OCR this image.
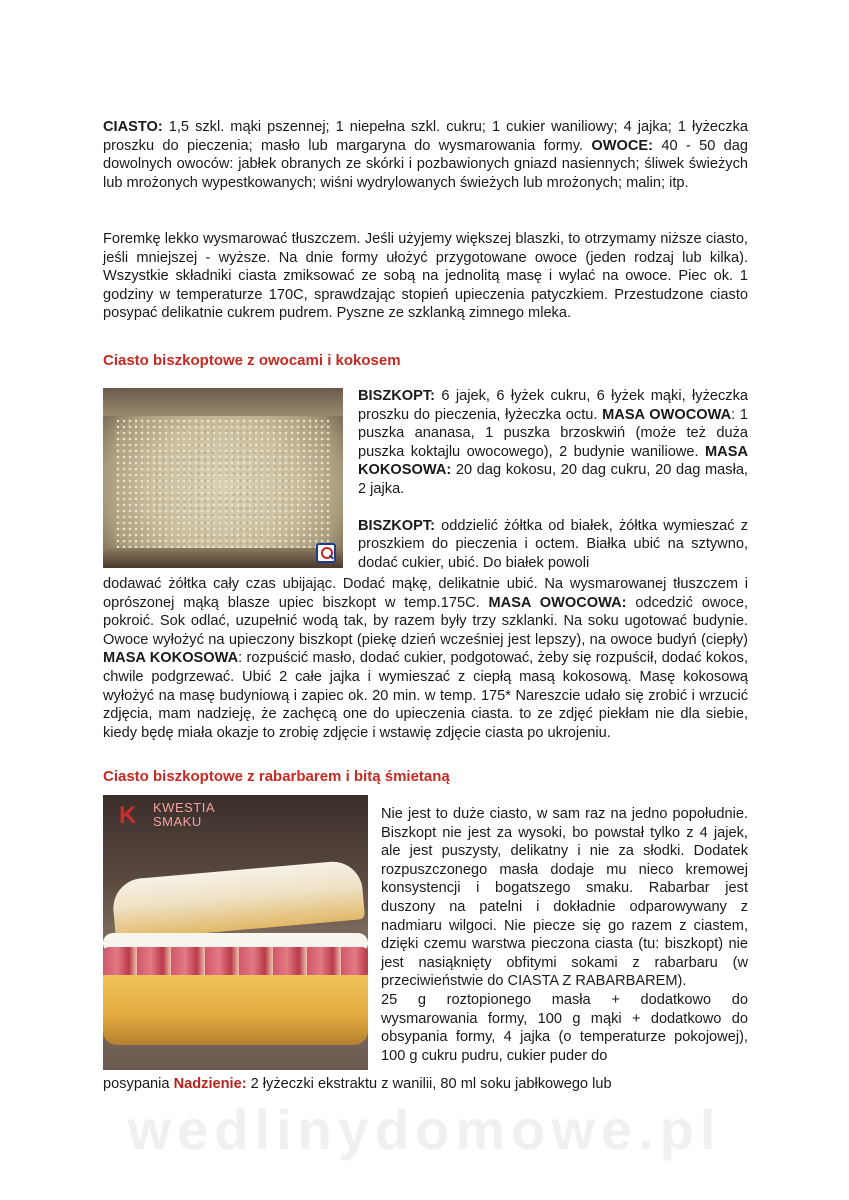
CIASTO: 1,5 szkl. mąki pszennej; 1 niepełna szkl. cukru; 1 cukier waniliowy; 4 jajka; 1 łyżeczka proszku do pieczenia; masło lub margaryna do wysmarowania formy. OWOCE: 40 - 50 dag dowolnych owoców: jabłek obranych ze skórki i pozbawionych gniazd nasiennych; śliwek świeżych lub mrożonych wypestkowanych; wiśni wydrylowanych świeżych lub mrożonych; malin; itp.

Foremkę lekko wysmarować tłuszczem. Jeśli użyjemy większej blaszki, to otrzymamy niższe ciasto, jeśli mniejszej - wyższe. Na dnie formy ułożyć przygotowane owoce (jeden rodzaj lub kilka). Wszystkie składniki ciasta zmiksować ze sobą na jednolitą masę i wylać na owoce. Piec ok. 1 godziny w temperaturze 170C, sprawdzając stopień upieczenia patyczkiem. Przestudzone ciasto posypać delikatnie cukrem pudrem. Pyszne ze szklanką zimnego mleka.

Ciasto biszkoptowe z owocami i kokosem

BISZKOPT: 6 jajek, 6 łyżek cukru, 6 łyżek mąki, łyżeczka proszku do pieczenia, łyżeczka octu. MASA OWOCOWA: 1 puszka ananasa, 1 puszka brzoskwiń (może też duża puszka koktajlu owocowego), 2 budynie waniliowe. MASA KOKOSOWA: 20 dag kokosu, 20 dag cukru, 20 dag masła, 2 jajka.

BISZKOPT: oddzielić żółtka od białek, żółtka wymieszać z proszkiem do pieczenia i octem. Białka ubić na sztywno, dodać cukier, ubić. Do białek powoli

dodawać żółtka cały czas ubijając. Dodać mąkę, delikatnie ubić. Na wysmarowanej tłuszczem i oprószonej mąką blasze upiec biszkopt w temp.175C. MASA OWOCOWA: odcedzić owoce, pokroić. Sok odlać, uzupełnić wodą tak, by razem były trzy szklanki. Na soku ugotować budynie. Owoce wyłożyć na upieczony biszkopt (piekę dzień wcześniej jest lepszy), na owoce budyń (ciepły) MASA KOKOSOWA: rozpuścić masło, dodać cukier, podgotować, żeby się rozpuścił, dodać kokos, chwile podgrzewać. Ubić 2 całe jajka i wymieszać z ciepłą masą kokosową. Masę kokosową wyłożyć na masę budyniową i zapiec ok. 20 min. w temp. 175* Nareszcie udało się zrobić i wrzucić zdjęcia, mam nadzieję, że zachęcą one do upieczenia ciasta. to ze zdjęć piekłam nie dla siebie, kiedy będę miała okazje to zrobię zdjęcie i wstawię zdjęcie ciasta po ukrojeniu.

Ciasto biszkoptowe z rabarbarem i bitą śmietaną
K	KWESTIA
SMAKU	Nie jest to duże ciasto, w sam raz na jedno popołudnie. Biszkopt nie jest za wysoki, bo powstał tylko z 4 jajek, ale jest puszysty, delikatny i nie za słodki. Dodatek rozpuszczonego masła dodaje mu nieco kremowej konsystencji i bogatszego smaku. Rabarbar jest duszony na patelni i dokładnie odparowywany z nadmiaru wilgoci. Nie piecze się go razem z ciastem, dzięki czemu warstwa pieczona ciasta (tu: biszkopt) nie jest nasiąknięty obfitymi sokami z rabarbaru (w przeciwieństwie do CIASTA Z RABARBAREM).

25 g roztopionego masła + dodatkowo do wysmarowania formy, 100 g mąki + dodatkowo do obsypania formy, 4 jajka (o temperaturze pokojowej), 100 g cukru pudru, cukier puder do

posypania Nadzienie: 2 łyżeczki ekstraktu z wanilii, 80 ml soku jabłkowego lub

wedlinydomowe.pl
